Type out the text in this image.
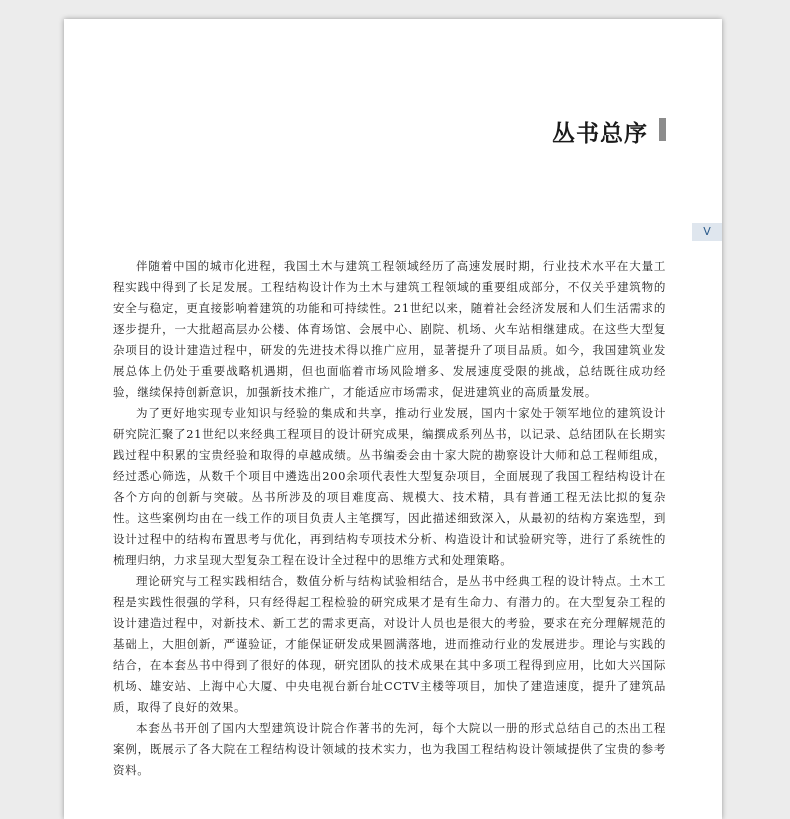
丛书总序
V

伴随着中国的城市化进程，我国土木与建筑工程领域经历了高速发展时期，行业技术水平在大量工程实践中得到了长足发展。工程结构设计作为土木与建筑工程领域的重要组成部分，不仅关乎建筑物的安全与稳定，更直接影响着建筑的功能和可持续性。21世纪以来，随着社会经济发展和人们生活需求的逐步提升，一大批超高层办公楼、体育场馆、会展中心、剧院、机场、火车站相继建成。在这些大型复杂项目的设计建造过程中，研发的先进技术得以推广应用，显著提升了项目品质。如今，我国建筑业发展总体上仍处于重要战略机遇期，但也面临着市场风险增多、发展速度受限的挑战，总结既往成功经验，继续保持创新意识，加强新技术推广，才能适应市场需求，促进建筑业的高质量发展。

为了更好地实现专业知识与经验的集成和共享，推动行业发展，国内十家处于领军地位的建筑设计研究院汇聚了21世纪以来经典工程项目的设计研究成果，编撰成系列丛书，以记录、总结团队在长期实践过程中积累的宝贵经验和取得的卓越成绩。丛书编委会由十家大院的勘察设计大师和总工程师组成，经过悉心筛选，从数千个项目中遴选出200余项代表性大型复杂项目，全面展现了我国工程结构设计在各个方向的创新与突破。丛书所涉及的项目难度高、规模大、技术精，具有普通工程无法比拟的复杂性。这些案例均由在一线工作的项目负责人主笔撰写，因此描述细致深入，从最初的结构方案选型，到设计过程中的结构布置思考与优化，再到结构专项技术分析、构造设计和试验研究等，进行了系统性的梳理归纳，力求呈现大型复杂工程在设计全过程中的思维方式和处理策略。

理论研究与工程实践相结合，数值分析与结构试验相结合，是丛书中经典工程的设计特点。土木工程是实践性很强的学科，只有经得起工程检验的研究成果才是有生命力、有潜力的。在大型复杂工程的设计建造过程中，对新技术、新工艺的需求更高，对设计人员也是很大的考验，要求在充分理解规范的基础上，大胆创新，严谨验证，才能保证研发成果圆满落地，进而推动行业的发展进步。理论与实践的结合，在本套丛书中得到了很好的体现，研究团队的技术成果在其中多项工程得到应用，比如大兴国际机场、雄安站、上海中心大厦、中央电视台新台址CCTV主楼等项目，加快了建造速度，提升了建筑品质，取得了良好的效果。

本套丛书开创了国内大型建筑设计院合作著书的先河，每个大院以一册的形式总结自己的杰出工程案例，既展示了各大院在工程结构设计领域的技术实力，也为我国工程结构设计领域提供了宝贵的参考资料。
